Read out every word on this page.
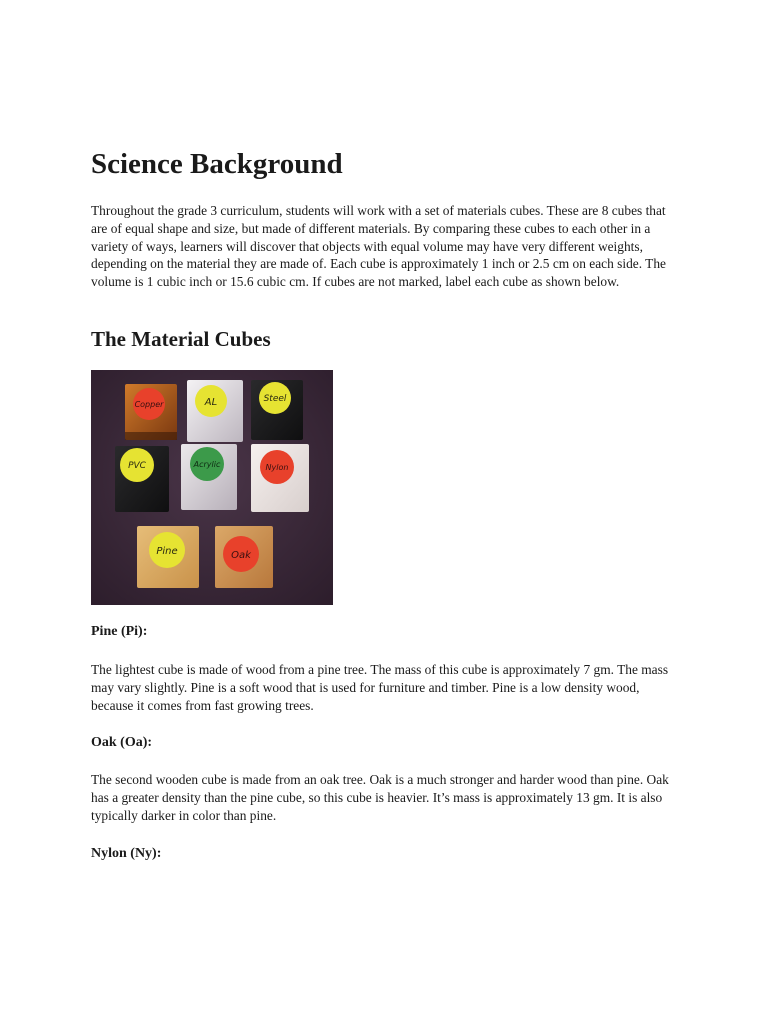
Science Background

Throughout the grade 3 curriculum, students will work with a set of materials cubes. These are 8 cubes that are of equal shape and size, but made of different materials. By comparing these cubes to each other in a variety of ways, learners will discover that objects with equal volume may have very different weights, depending on the material they are made of. Each cube is approximately 1 inch or 2.5 cm on each side. The volume is 1 cubic inch or 15.6 cubic cm. If cubes are not marked, label each cube as shown below.

The Material Cubes
Copper	AL	Steel
PVC	Acrylic	Nylon
Pine	Oak
Pine (Pi):

The lightest cube is made of wood from a pine tree. The mass of this cube is approximately 7 gm. The mass may vary slightly. Pine is a soft wood that is used for furniture and timber. Pine is a low density wood, because it comes from fast growing trees.

Oak (Oa):

The second wooden cube is made from an oak tree. Oak is a much stronger and harder wood than pine. Oak has a greater density than the pine cube, so this cube is heavier. It’s mass is approximately 13 gm. It is also typically darker in color than pine.

Nylon (Ny):
